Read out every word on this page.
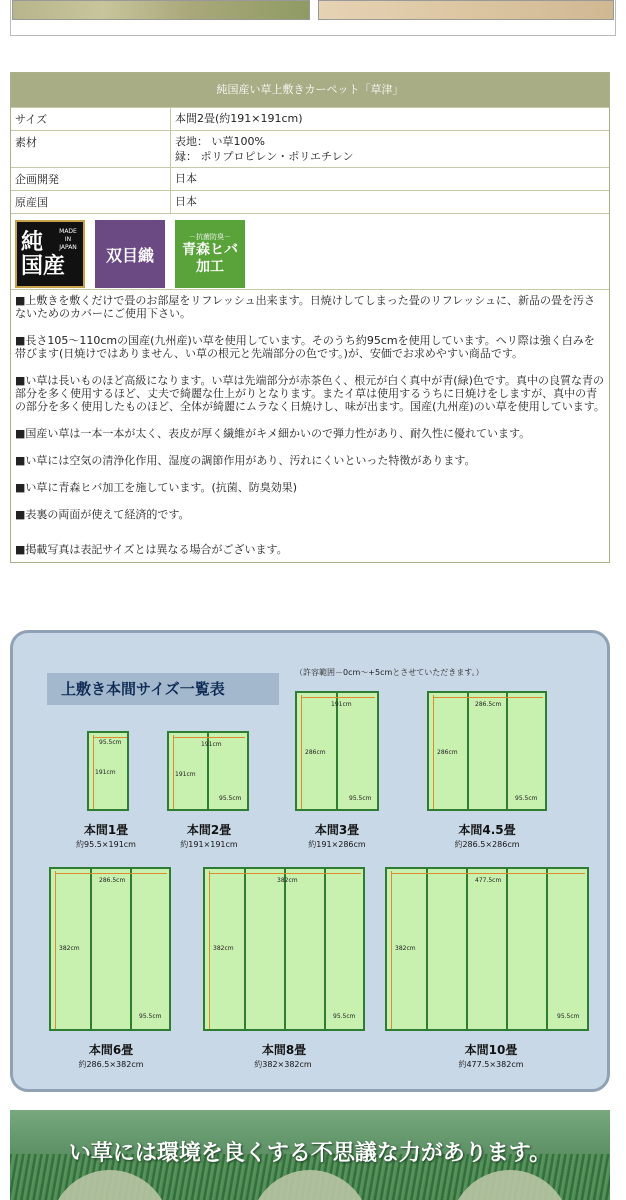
純国産い草上敷きカーペット「草津」
サイズ	本間2畳(約191×191cm)
素材	表地： い草100%
縁： ポリプロピレン・ポリエチレン
企画開発	日本
原産国	日本
純
国産
MADE IN JAPAN	双目織
－抗菌防臭－
青森ヒバ
加工

■上敷きを敷くだけで畳のお部屋をリフレッシュ出来ます。日焼けしてしまった畳のリフレッシュに、新品の畳を汚さないためのカバーにご使用下さい。

■長さ105～110cmの国産(九州産)い草を使用しています。そのうち約95cmを使用しています。ヘリ際は強く白みを帯びます(日焼けではありません、い草の根元と先端部分の色です。)が、安価でお求めやすい商品です。

■い草は長いものほど高級になります。い草は先端部分が赤茶色く、根元が白く真中が青(緑)色です。真中の良質な青の部分を多く使用するほど、丈夫で綺麗な仕上がりとなります。またイ草は使用するうちに日焼けをしますが、真中の青の部分を多く使用したものほど、全体が綺麗にムラなく日焼けし、味が出ます。国産(九州産)のい草を使用しています。

■国産い草は一本一本が太く、表皮が厚く繊維がキメ細かいので弾力性があり、耐久性に優れています。

■い草には空気の清浄化作用、湿度の調節作用があり、汚れにくいといった特徴があります。

■い草に青森ヒバ加工を施しています。(抗菌、防臭効果)

■表裏の両面が使えて経済的です。

■掲載写真は表記サイズとは異なる場合がございます。

上敷き本間サイズ一覧表
（許容範囲－0cm～+5cmとさせていただきます。）
95.5cm
191cm
本間1畳
約95.5×191cm
191cm
191cm
95.5cm
本間2畳
約191×191cm
191cm
286cm
95.5cm
本間3畳
約191×286cm
286.5cm
286cm
95.5cm
本間4.5畳
約286.5×286cm
286.5cm
382cm
95.5cm
本間6畳
約286.5×382cm
382cm
382cm
95.5cm
本間8畳
約382×382cm
477.5cm
382cm
95.5cm
本間10畳
約477.5×382cm
い草には環境を良くする不思議な力があります。
